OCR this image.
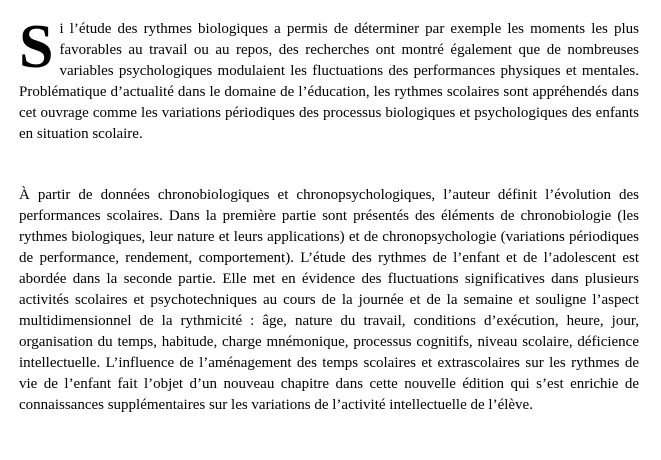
Si l’étude des rythmes biologiques a permis de déterminer par exemple les moments les plus favorables au travail ou au repos, des recherches ont montré également que de nombreuses variables psychologiques modulaient les fluctuations des performances physiques et mentales. Problématique d’actualité dans le domaine de l’éducation, les rythmes scolaires sont appréhendés dans cet ouvrage comme les variations périodiques des processus biologiques et psychologiques des enfants en situation scolaire.

À partir de données chronobiologiques et chronopsychologiques, l’auteur définit l’évolution des performances scolaires. Dans la première partie sont présentés des éléments de chronobiologie (les rythmes biologiques, leur nature et leurs applications) et de chronopsychologie (variations périodiques de performance, rendement, comportement). L’étude des rythmes de l’enfant et de l’adolescent est abordée dans la seconde partie. Elle met en évidence des fluctuations significatives dans plusieurs activités scolaires et psychotechniques au cours de la journée et de la semaine et souligne l’aspect multidimensionnel de la rythmicité : âge, nature du travail, conditions d’exécution, heure, jour, organisation du temps, habitude, charge mnémonique, processus cognitifs, niveau scolaire, déficience intellectuelle. L’influence de l’aménagement des temps scolaires et extrascolaires sur les rythmes de vie de l’enfant fait l’objet d’un nouveau chapitre dans cette nouvelle édition qui s’est enrichie de connaissances supplémentaires sur les variations de l’activité intellectuelle de l’élève.
